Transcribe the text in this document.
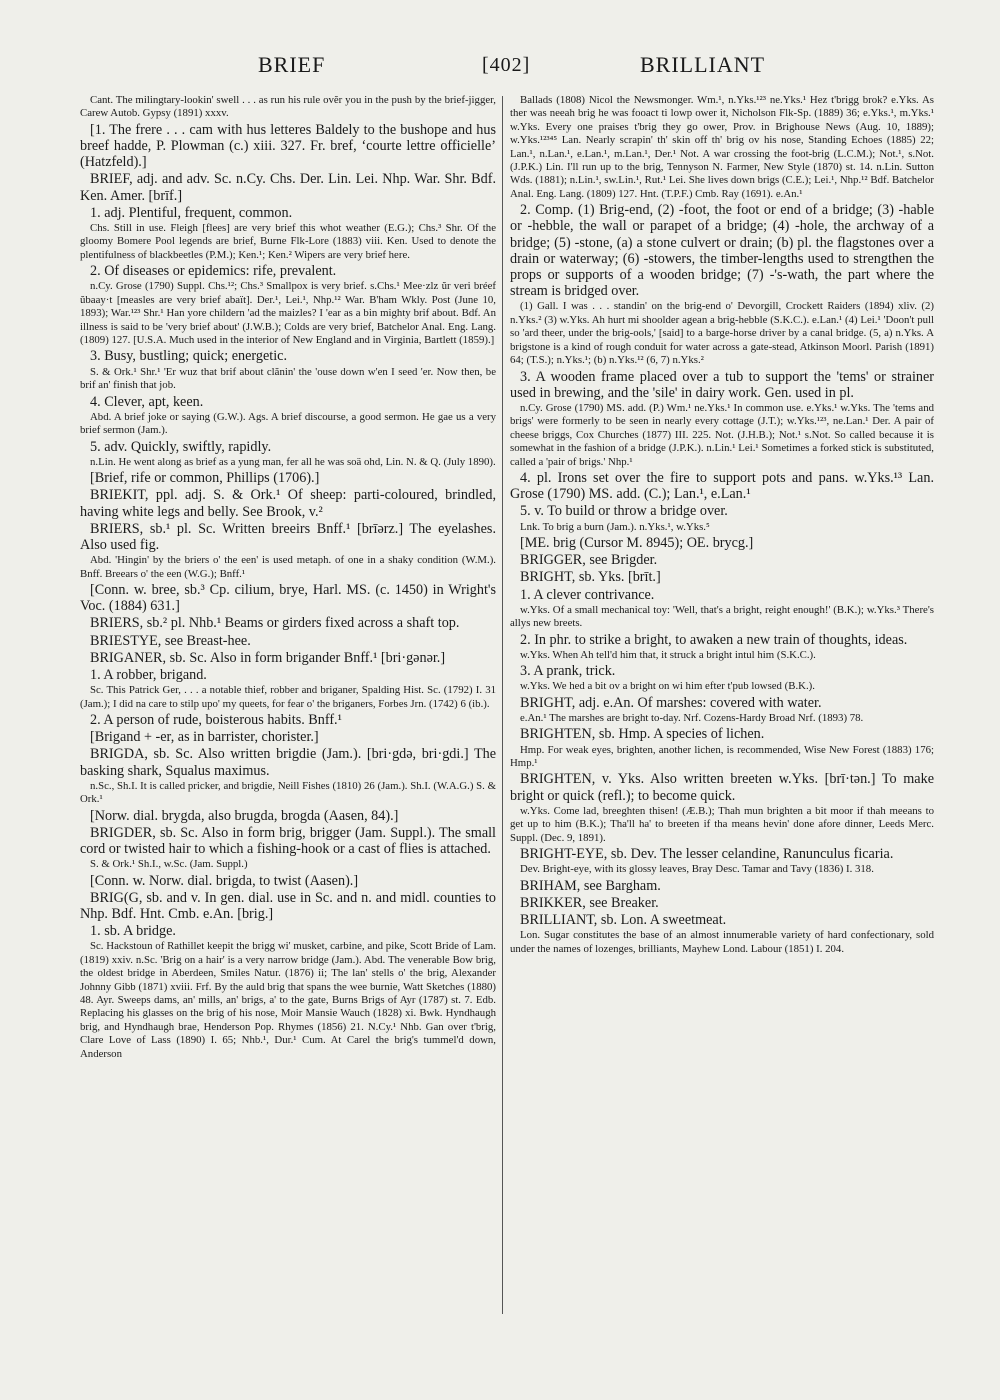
BRIEF	[402]	BRILLIANT

Cant. The milingtary-lookin' swell . . . as run his rule ovĕr you in the push by the brief-jigger, Carew Autob. Gypsy (1891) xxxv.

[1. The frere . . . cam with hus letteres Baldely to the bushope and hus breef hadde, P. Plowman (c.) xiii. 327. Fr. bref, ‘courte lettre officielle’ (Hatzfeld).]

BRIEF, adj. and adv. Sc. n.Cy. Chs. Der. Lin. Lei. Nhp. War. Shr. Bdf. Ken. Amer. [brīf.]

1. adj. Plentiful, frequent, common.

Chs. Still in use. Fleigh [flees] are very brief this whot weather (E.G.); Chs.³ Shr. Of the gloomy Bomere Pool legends are brief, Burne Flk-Lore (1883) viii. Ken. Used to denote the plentifulness of blackbeetles (P.M.); Ken.¹; Ken.² Wipers are very brief here.

2. Of diseases or epidemics: rife, prevalent.

n.Cy. Grose (1790) Suppl. Chs.¹²; Chs.³ Smallpox is very brief. s.Chs.¹ Mee·zlz ŭr veri bréef ŭbaay·t [measles are very brief abaït]. Der.¹, Lei.¹, Nhp.¹² War. B'ham Wkly. Post (June 10, 1893); War.¹²³ Shr.¹ Han yore childern 'ad the maizles? I 'ear as a bin mighty brif about. Bdf. An illness is said to be 'very brief about' (J.W.B.); Colds are very brief, Batchelor Anal. Eng. Lang. (1809) 127. [U.S.A. Much used in the interior of New England and in Virginia, Bartlett (1859).]

3. Busy, bustling; quick; energetic.

S. & Ork.¹ Shr.¹ 'Er wuz that brif about clănin' the 'ouse down w'en I seed 'er. Now then, be brif an' finish that job.

4. Clever, apt, keen.

Abd. A brief joke or saying (G.W.). Ags. A brief discourse, a good sermon. He gae us a very brief sermon (Jam.).

5. adv. Quickly, swiftly, rapidly.

n.Lin. He went along as brief as a yung man, fer all he was soä ohd, Lin. N. & Q. (July 1890).

[Brief, rife or common, Phillips (1706).]

BRIEKIT, ppl. adj. S. & Ork.¹ Of sheep: parti-coloured, brindled, having white legs and belly. See Brook, v.²

BRIERS, sb.¹ pl. Sc. Written breeirs Bnff.¹ [brīərz.] The eyelashes. Also used fig.

Abd. 'Hingin' by the briers o' the een' is used metaph. of one in a shaky condition (W.M.). Bnff. Breears o' the een (W.G.); Bnff.¹

[Conn. w. bree, sb.³ Cp. cilium, brye, Harl. MS. (c. 1450) in Wright's Voc. (1884) 631.]

BRIERS, sb.² pl. Nhb.¹ Beams or girders fixed across a shaft top.

BRIESTYE, see Breast-hee.

BRIGANER, sb. Sc. Also in form brigander Bnff.¹ [bri·gənər.]

1. A robber, brigand.

Sc. This Patrick Ger, . . . a notable thief, robber and briganer, Spalding Hist. Sc. (1792) I. 31 (Jam.); I did na care to stilp upo' my queets, for fear o' the briganers, Forbes Jrn. (1742) 6 (ib.).

2. A person of rude, boisterous habits. Bnff.¹

[Brigand + -er, as in barrister, chorister.]

BRIGDA, sb. Sc. Also written brigdie (Jam.). [bri·gdə, bri·gdi.] The basking shark, Squalus maximus.

n.Sc., Sh.I. It is called pricker, and brigdie, Neill Fishes (1810) 26 (Jam.). Sh.I. (W.A.G.) S. & Ork.¹

[Norw. dial. brygda, also brugda, brogda (Aasen, 84).]

BRIGDER, sb. Sc. Also in form brig, brigger (Jam. Suppl.). The small cord or twisted hair to which a fishing-hook or a cast of flies is attached.

S. & Ork.¹ Sh.I., w.Sc. (Jam. Suppl.)

[Conn. w. Norw. dial. brigda, to twist (Aasen).]

BRIG(G, sb. and v. In gen. dial. use in Sc. and n. and midl. counties to Nhp. Bdf. Hnt. Cmb. e.An. [brig.]

1. sb. A bridge.

Sc. Hackstoun of Rathillet keepit the brigg wi' musket, carbine, and pike, Scott Bride of Lam. (1819) xxiv. n.Sc. 'Brig on a hair' is a very narrow bridge (Jam.). Abd. The venerable Bow brig, the oldest bridge in Aberdeen, Smiles Natur. (1876) ii; The lan' stells o' the brig, Alexander Johnny Gibb (1871) xviii. Frf. By the auld brig that spans the wee burnie, Watt Sketches (1880) 48. Ayr. Sweeps dams, an' mills, an' brigs, a' to the gate, Burns Brigs of Ayr (1787) st. 7. Edb. Replacing his glasses on the brig of his nose, Moir Mansie Wauch (1828) xi. Bwk. Hyndhaugh brig, and Hyndhaugh brae, Henderson Pop. Rhymes (1856) 21. N.Cy.¹ Nhb. Gan over t'brig, Clare Love of Lass (1890) I. 65; Nhb.¹, Dur.¹ Cum. At Carel the brig's tummel'd down, Anderson

Ballads (1808) Nicol the Newsmonger. Wm.¹, n.Yks.¹²³ ne.Yks.¹ Hez t'brigg brok? e.Yks. As ther was neeah brig he was fooact ti lowp ower it, Nicholson Flk-Sp. (1889) 36; e.Yks.¹, m.Yks.¹ w.Yks. Every one praises t'brig they go ower, Prov. in Brighouse News (Aug. 10, 1889); w.Yks.¹²³⁴⁵ Lan. Nearly scrapin' th' skin off th' brig ov his nose, Standing Echoes (1885) 22; Lan.¹, n.Lan.¹, e.Lan.¹, m.Lan.¹, Der.¹ Not. A war crossing the foot-brig (L.C.M.); Not.¹, s.Not. (J.P.K.) Lin. I'll run up to the brig, Tennyson N. Farmer, New Style (1870) st. 14. n.Lin. Sutton Wds. (1881); n.Lin.¹, sw.Lin.¹, Rut.¹ Lei. She lives down brigs (C.E.); Lei.¹, Nhp.¹² Bdf. Batchelor Anal. Eng. Lang. (1809) 127. Hnt. (T.P.F.) Cmb. Ray (1691). e.An.¹

2. Comp. (1) Brig-end, (2) -foot, the foot or end of a bridge; (3) -hable or -hebble, the wall or parapet of a bridge; (4) -hole, the archway of a bridge; (5) -stone, (a) a stone culvert or drain; (b) pl. the flagstones over a drain or waterway; (6) -stowers, the timber-lengths used to strengthen the props or supports of a wooden bridge; (7) -'s-wath, the part where the stream is bridged over.

(1) Gall. I was . . . standin' on the brig-end o' Devorgill, Crockett Raiders (1894) xliv. (2) n.Yks.² (3) w.Yks. Ah hurt mi shoolder agean a brig-hebble (S.K.C.). e.Lan.¹ (4) Lei.¹ 'Doon't pull so 'ard theer, under the brig-ools,' [said] to a barge-horse driver by a canal bridge. (5, a) n.Yks. A brigstone is a kind of rough conduit for water across a gate-stead, Atkinson Moorl. Parish (1891) 64; (T.S.); n.Yks.¹; (b) n.Yks.¹² (6, 7) n.Yks.²

3. A wooden frame placed over a tub to support the 'tems' or strainer used in brewing, and the 'sile' in dairy work. Gen. used in pl.

n.Cy. Grose (1790) MS. add. (P.) Wm.¹ ne.Yks.¹ In common use. e.Yks.¹ w.Yks. The 'tems and brigs' were formerly to be seen in nearly every cottage (J.T.); w.Yks.¹²³, ne.Lan.¹ Der. A pair of cheese briggs, Cox Churches (1877) III. 225. Not. (J.H.B.); Not.¹ s.Not. So called because it is somewhat in the fashion of a bridge (J.P.K.). n.Lin.¹ Lei.¹ Sometimes a forked stick is substituted, called a 'pair of brigs.' Nhp.¹

4. pl. Irons set over the fire to support pots and pans. w.Yks.¹³ Lan. Grose (1790) MS. add. (C.); Lan.¹, e.Lan.¹

5. v. To build or throw a bridge over.

Lnk. To brig a burn (Jam.). n.Yks.¹, w.Yks.⁵

[ME. brig (Cursor M. 8945); OE. brycg.]

BRIGGER, see Brigder.

BRIGHT, sb. Yks. [brīt.]

1. A clever contrivance.

w.Yks. Of a small mechanical toy: 'Well, that's a bright, reight enough!' (B.K.); w.Yks.³ There's allys new breets.

2. In phr. to strike a bright, to awaken a new train of thoughts, ideas.

w.Yks. When Ah tell'd him that, it struck a bright intul him (S.K.C.).

3. A prank, trick.

w.Yks. We hed a bit ov a bright on wi him efter t'pub lowsed (B.K.).

BRIGHT, adj. e.An. Of marshes: covered with water.

e.An.¹ The marshes are bright to-day. Nrf. Cozens-Hardy Broad Nrf. (1893) 78.

BRIGHTEN, sb. Hmp. A species of lichen.

Hmp. For weak eyes, brighten, another lichen, is recommended, Wise New Forest (1883) 176; Hmp.¹

BRIGHTEN, v. Yks. Also written breeten w.Yks. [brī·tən.] To make bright or quick (refl.); to become quick.

w.Yks. Come lad, breeghten thisen! (Æ.B.); Thah mun brighten a bit moor if thah meeans to get up to him (B.K.); Tha'll ha' to breeten if tha means hevin' done afore dinner, Leeds Merc. Suppl. (Dec. 9, 1891).

BRIGHT-EYE, sb. Dev. The lesser celandine, Ranunculus ficaria.

Dev. Bright-eye, with its glossy leaves, Bray Desc. Tamar and Tavy (1836) I. 318.

BRIHAM, see Bargham.

BRIKKER, see Breaker.

BRILLIANT, sb. Lon. A sweetmeat.

Lon. Sugar constitutes the base of an almost innumerable variety of hard confectionary, sold under the names of lozenges, brilliants, Mayhew Lond. Labour (1851) I. 204.
